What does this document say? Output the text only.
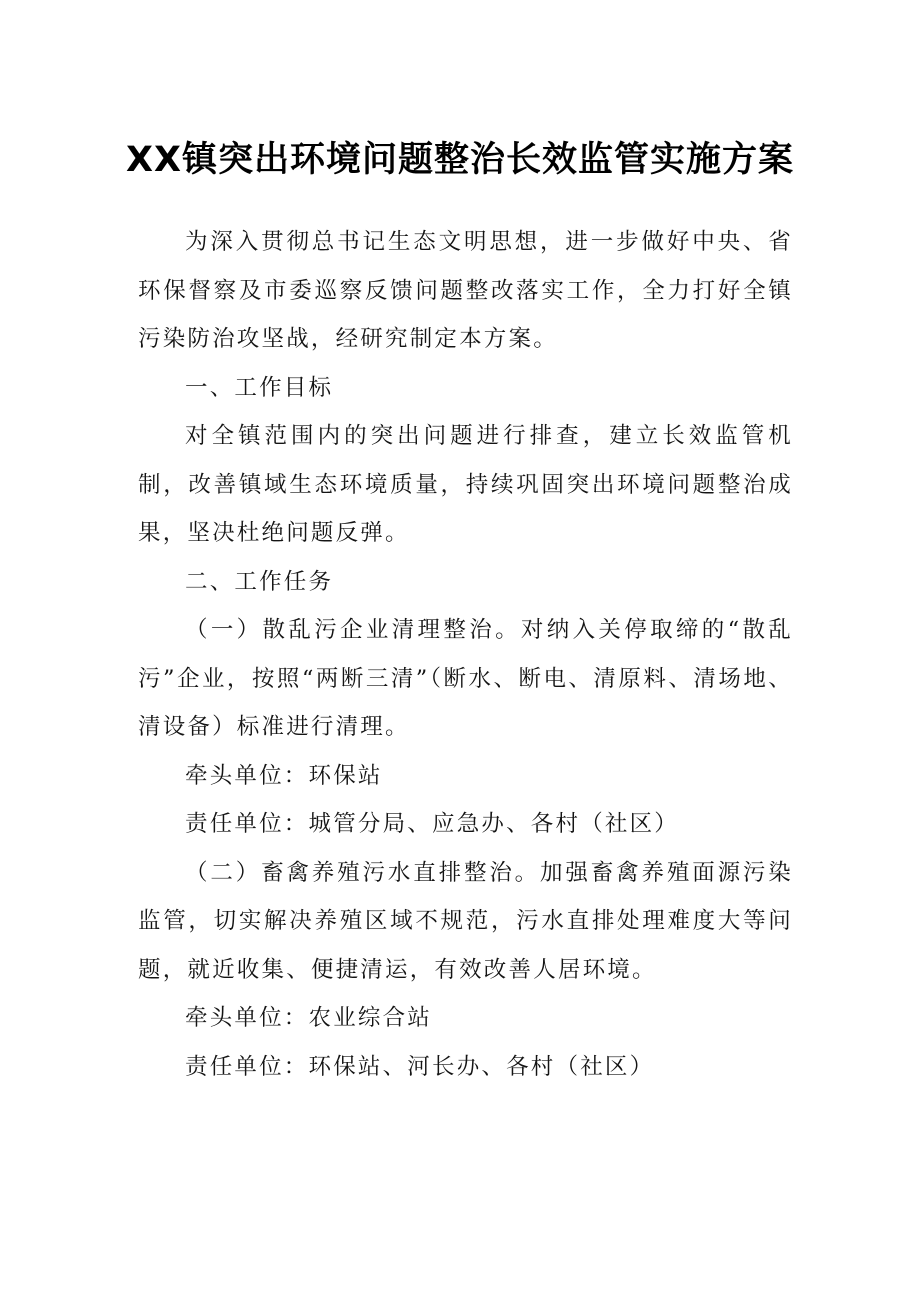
XX镇突出环境问题整治长效监管实施方案

为深入贯彻总书记生态文明思想，进一步做好中央、省环保督察及市委巡察反馈问题整改落实工作，全力打好全镇污染防治攻坚战，经研究制定本方案。

一、工作目标

对全镇范围内的突出问题进行排查，建立长效监管机制，改善镇域生态环境质量，持续巩固突出环境问题整治成果，坚决杜绝问题反弹。

二、工作任务

（一）散乱污企业清理整治。对纳入关停取缔的“散乱污”企业，按照“两断三清”（断水、断电、清原料、清场地、清设备）标准进行清理。

牵头单位：环保站

责任单位：城管分局、应急办、各村（社区）

（二）畜禽养殖污水直排整治。加强畜禽养殖面源污染监管，切实解决养殖区域不规范，污水直排处理难度大等问题，就近收集、便捷清运，有效改善人居环境。

牵头单位：农业综合站

责任单位：环保站、河长办、各村（社区）
